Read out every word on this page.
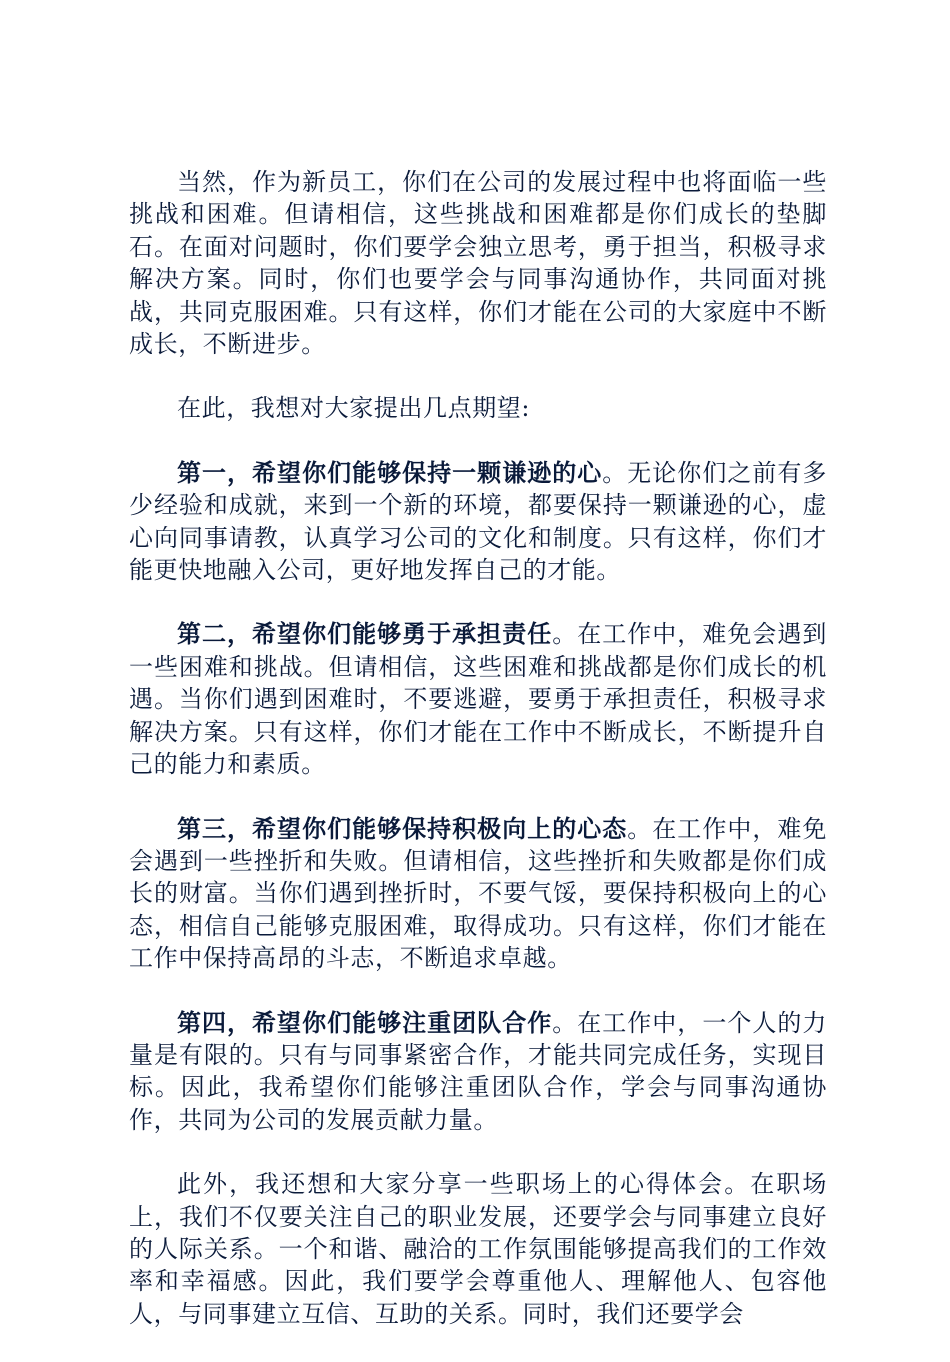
当然，作为新员工，你们在公司的发展过程中也将面临一些挑战和困难。但请相信，这些挑战和困难都是你们成长的垫脚石。在面对问题时，你们要学会独立思考，勇于担当，积极寻求解决方案。同时，你们也要学会与同事沟通协作，共同面对挑战，共同克服困难。只有这样，你们才能在公司的大家庭中不断成长，不断进步。

在此，我想对大家提出几点期望:

第一，希望你们能够保持一颗谦逊的心。无论你们之前有多少经验和成就，来到一个新的环境，都要保持一颗谦逊的心，虚心向同事请教，认真学习公司的文化和制度。只有这样，你们才能更快地融入公司，更好地发挥自己的才能。

第二，希望你们能够勇于承担责任。在工作中，难免会遇到一些困难和挑战。但请相信，这些困难和挑战都是你们成长的机遇。当你们遇到困难时，不要逃避，要勇于承担责任，积极寻求解决方案。只有这样，你们才能在工作中不断成长，不断提升自己的能力和素质。

第三，希望你们能够保持积极向上的心态。在工作中，难免会遇到一些挫折和失败。但请相信，这些挫折和失败都是你们成长的财富。当你们遇到挫折时，不要气馁，要保持积极向上的心态，相信自己能够克服困难，取得成功。只有这样，你们才能在工作中保持高昂的斗志，不断追求卓越。

第四，希望你们能够注重团队合作。在工作中，一个人的力量是有限的。只有与同事紧密合作，才能共同完成任务，实现目标。因此，我希望你们能够注重团队合作，学会与同事沟通协作，共同为公司的发展贡献力量。

此外，我还想和大家分享一些职场上的心得体会。在职场上，我们不仅要关注自己的职业发展，还要学会与同事建立良好的人际关系。一个和谐、融洽的工作氛围能够提高我们的工作效率和幸福感。因此，我们要学会尊重他人、理解他人、包容他人，与同事建立互信、互助的关系。同时，我们还要学会
